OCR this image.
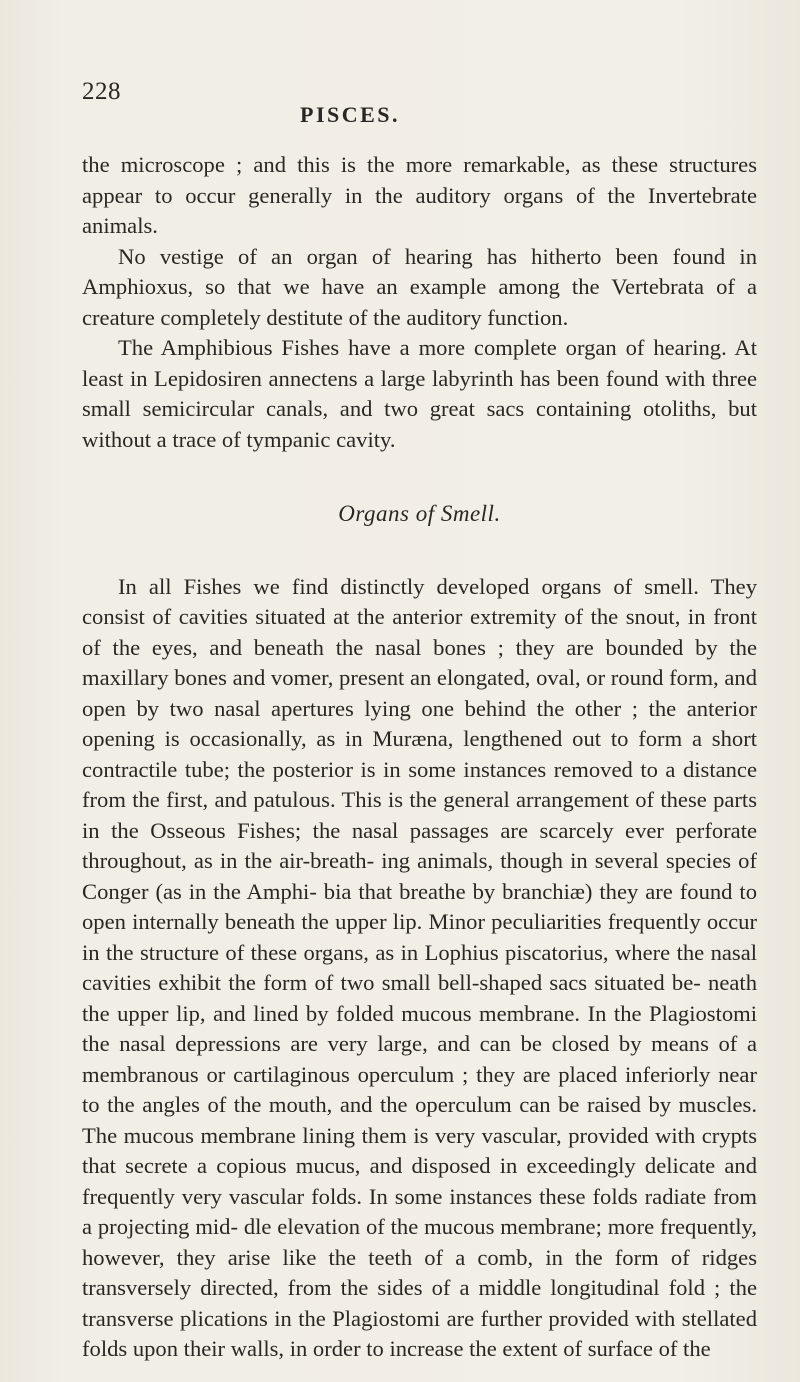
228
PISCES.

the microscope ; and this is the more remarkable, as these structures appear to occur generally in the auditory organs of the Invertebrate animals.

No vestige of an organ of hearing has hitherto been found in Amphioxus, so that we have an example among the Vertebrata of a creature completely destitute of the auditory function.

The Amphibious Fishes have a more complete organ of hearing. At least in Lepidosiren annectens a large labyrinth has been found with three small semicircular canals, and two great sacs containing otoliths, but without a trace of tympanic cavity.

Organs of Smell.

In all Fishes we find distinctly developed organs of smell. They consist of cavities situated at the anterior extremity of the snout, in front of the eyes, and beneath the nasal bones ; they are bounded by the maxillary bones and vomer, present an elongated, oval, or round form, and open by two nasal apertures lying one behind the other ; the anterior opening is occasionally, as in Muræna, lengthened out to form a short contractile tube; the posterior is in some instances removed to a distance from the first, and patulous. This is the general arrangement of these parts in the Osseous Fishes; the nasal passages are scarcely ever perforate throughout, as in the air-breath- ing animals, though in several species of Conger (as in the Amphi- bia that breathe by branchiæ) they are found to open internally beneath the upper lip. Minor peculiarities frequently occur in the structure of these organs, as in Lophius piscatorius, where the nasal cavities exhibit the form of two small bell-shaped sacs situated be- neath the upper lip, and lined by folded mucous membrane. In the Plagiostomi the nasal depressions are very large, and can be closed by means of a membranous or cartilaginous operculum ; they are placed inferiorly near to the angles of the mouth, and the operculum can be raised by muscles. The mucous membrane lining them is very vascular, provided with crypts that secrete a copious mucus, and disposed in exceedingly delicate and frequently very vascular folds. In some instances these folds radiate from a projecting mid- dle elevation of the mucous membrane; more frequently, however, they arise like the teeth of a comb, in the form of ridges transversely directed, from the sides of a middle longitudinal fold ; the transverse plications in the Plagiostomi are further provided with stellated folds upon their walls, in order to increase the extent of surface of the
